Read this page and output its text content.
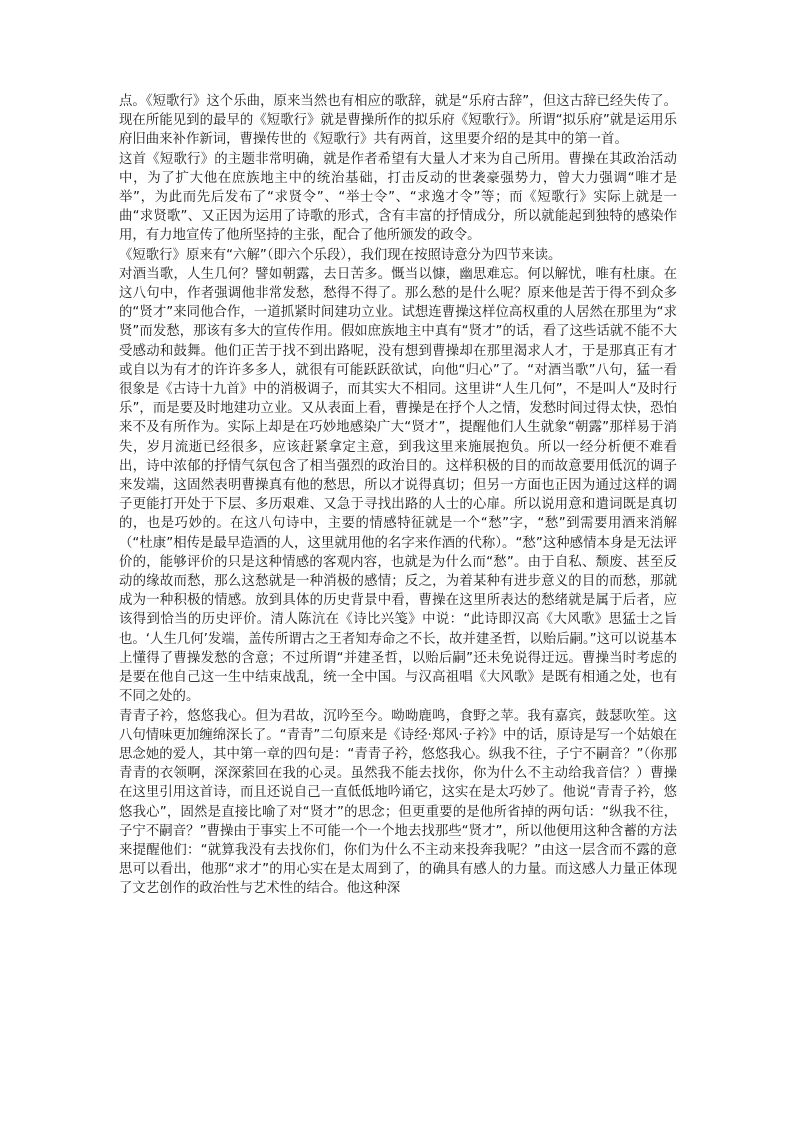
点。《短歌行》这个乐曲，原来当然也有相应的歌辞，就是“乐府古辞”，但这古辞已经失传了。现在所能见到的最早的《短歌行》就是曹操所作的拟乐府《短歌行》。所谓“拟乐府”就是运用乐府旧曲来补作新词，曹操传世的《短歌行》共有两首，这里要介绍的是其中的第一首。

这首《短歌行》的主题非常明确，就是作者希望有大量人才来为自己所用。曹操在其政治活动中，为了扩大他在庶族地主中的统治基础，打击反动的世袭豪强势力，曾大力强调“唯才是举”，为此而先后发布了“求贤令”、“举士令”、“求逸才令”等；而《短歌行》实际上就是一曲“求贤歌”、又正因为运用了诗歌的形式，含有丰富的抒情成分，所以就能起到独特的感染作用，有力地宣传了他所坚持的主张，配合了他所颁发的政令。

《短歌行》原来有“六解”（即六个乐段），我们现在按照诗意分为四节来读。

对酒当歌，人生几何？譬如朝露，去日苦多。慨当以慷，幽思难忘。何以解忧，唯有杜康。在这八句中，作者强调他非常发愁，愁得不得了。那么愁的是什么呢？原来他是苦于得不到众多的“贤才”来同他合作，一道抓紧时间建功立业。试想连曹操这样位高权重的人居然在那里为“求贤”而发愁，那该有多大的宣传作用。假如庶族地主中真有“贤才”的话，看了这些话就不能不大受感动和鼓舞。他们正苦于找不到出路呢，没有想到曹操却在那里渴求人才，于是那真正有才或自以为有才的许许多多人，就很有可能跃跃欲试，向他“归心”了。“对酒当歌”八句，猛一看很象是《古诗十九首》中的消极调子，而其实大不相同。这里讲“人生几何”，不是叫人“及时行乐”，而是要及时地建功立业。又从表面上看，曹操是在抒个人之情，发愁时间过得太快，恐怕来不及有所作为。实际上却是在巧妙地感染广大“贤才”，提醒他们人生就象“朝露”那样易于消失，岁月流逝已经很多，应该赶紧拿定主意，到我这里来施展抱负。所以一经分析便不难看出，诗中浓郁的抒情气氛包含了相当强烈的政治目的。这样积极的目的而故意要用低沉的调子来发端，这固然表明曹操真有他的愁思，所以才说得真切；但另一方面也正因为通过这样的调子更能打开处于下层、多历艰难、又急于寻找出路的人士的心扉。所以说用意和遣词既是真切的，也是巧妙的。在这八句诗中，主要的情感特征就是一个“愁”字，“愁”到需要用酒来消解（“杜康”相传是最早造酒的人，这里就用他的名字来作酒的代称）。“愁”这种感情本身是无法评价的，能够评价的只是这种情感的客观内容，也就是为什么而“愁”。由于自私、颓废、甚至反动的缘故而愁，那么这愁就是一种消极的感情；反之，为着某种有进步意义的目的而愁，那就成为一种积极的情感。放到具体的历史背景中看，曹操在这里所表达的愁绪就是属于后者，应该得到恰当的历史评价。清人陈沆在《诗比兴笺》中说：“此诗即汉高《大风歌》思猛士之旨也。‘人生几何’发端，盖传所谓古之王者知寿命之不长，故并建圣哲，以贻后嗣。”这可以说基本上懂得了曹操发愁的含意；不过所谓“并建圣哲，以贻后嗣”还未免说得迂远。曹操当时考虑的是要在他自己这一生中结束战乱，统一全中国。与汉高祖唱《大风歌》是既有相通之处，也有不同之处的。

青青子衿，悠悠我心。但为君故，沉吟至今。呦呦鹿鸣，食野之苹。我有嘉宾，鼓瑟吹笙。这八句情味更加缠绵深长了。“青青”二句原来是《诗经·郑风·子衿》中的话，原诗是写一个姑娘在思念她的爱人，其中第一章的四句是：“青青子衿，悠悠我心。纵我不往，子宁不嗣音？”（你那青青的衣领啊，深深萦回在我的心灵。虽然我不能去找你，你为什么不主动给我音信？）曹操在这里引用这首诗，而且还说自己一直低低地吟诵它，这实在是太巧妙了。他说“青青子衿，悠悠我心”，固然是直接比喻了对“贤才”的思念；但更重要的是他所省掉的两句话：“纵我不往，子宁不嗣音？”曹操由于事实上不可能一个一个地去找那些“贤才”，所以他便用这种含蓄的方法来提醒他们：“就算我没有去找你们，你们为什么不主动来投奔我呢？”由这一层含而不露的意思可以看出，他那“求才”的用心实在是太周到了，的确具有感人的力量。而这感人力量正体现了文艺创作的政治性与艺术性的结合。他这种深
